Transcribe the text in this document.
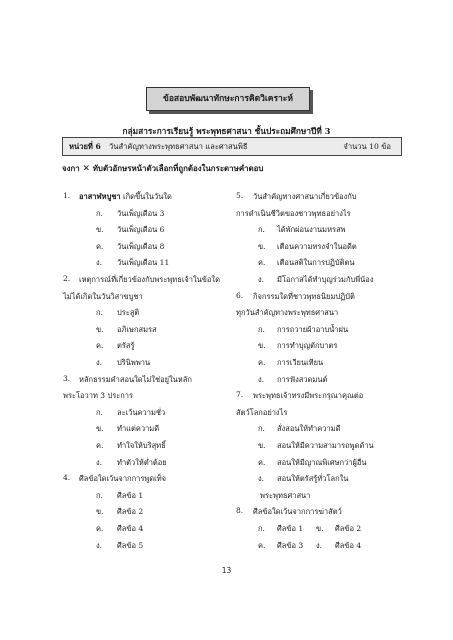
ข้อสอบพัฒนาทักษะการคิดวิเคราะห์
กลุ่มสาระการเรียนรู้ พระพุทธศาสนา ชั้นประถมศึกษาปีที่ 3
หน่วยที่ 6 วันสำคัญทางพระพุทธศาสนา และศาสนพิธี	จำนวน 10 ข้อ
จงกา ✕ ทับตัวอักษรหน้าตัวเลือกที่ถูกต้องในกระดาษคำตอบ
1. อาสาฬหบูชา เกิดขึ้นในวันใด
ก. วันเพ็ญเดือน 3
ข. วันเพ็ญเดือน 6
ค. วันเพ็ญเดือน 8
ง. วันเพ็ญเดือน 11
2. เหตุการณ์ที่เกี่ยวข้องกับพระพุทธเจ้าในข้อใด
ไม่ได้เกิดในวันวิสาขบูชา
ก. ประสูติ
ข. อภิเษกสมรส
ค. ตรัสรู้
ง. ปรินิพพาน
3. หลักธรรมคำสอนใดไม่ใช่อยู่ในหลัก
พระโอวาท 3 ประการ
ก. ละเว้นความชั่ว
ข. ทำแต่ความดี
ค. ทำใจให้บริสุทธิ์
ง. ทำตัวให้ต่ำต้อย
4. ศีลข้อใดเว้นจากการพูดเท็จ
ก. ศีลข้อ 1
ข. ศีลข้อ 2
ค. ศีลข้อ 4
ง. ศีลข้อ 5
5. วันสำคัญทางศาสนาเกี่ยวข้องกับ
การดำเนินชีวิตของชาวพุทธอย่างไร
ก. ได้พักผ่อนงานมหรสพ
ข. เตือนความทรงจำในอดีต
ค. เตือนสติในการปฏิบัติตน
ง. มีโอกาสได้ทำบุญร่วมกับพี่น้อง
6. กิจกรรมใดที่ชาวพุทธนิยมปฏิบัติ
ทุกวันสำคัญทางพระพุทธศาสนา
ก. การถวายผ้าอาบน้ำฝน
ข. การทำบุญตักบาตร
ค. การเวียนเทียน
ง. การฟังสวดมนต์
7. พระพุทธเจ้าทรงมีพระกรุณาคุณต่อ
สัตว์โลกอย่างไร
ก. สั่งสอนให้ทำความดี
ข. สอนให้มีความสามารถพูดด้าน
ค. สอนให้มีญาณพิเศษกว่าผู้อื่น
ง. สอนให้ตรัสรู้ทั่วโลกใน
พระพุทธศาสนา
8. ศีลข้อใดเว้นจากการฆ่าสัตว์
ก. ศีลข้อ 1 ข. ศีลข้อ 2
ค. ศีลข้อ 3 ง. ศีลข้อ 4
13
